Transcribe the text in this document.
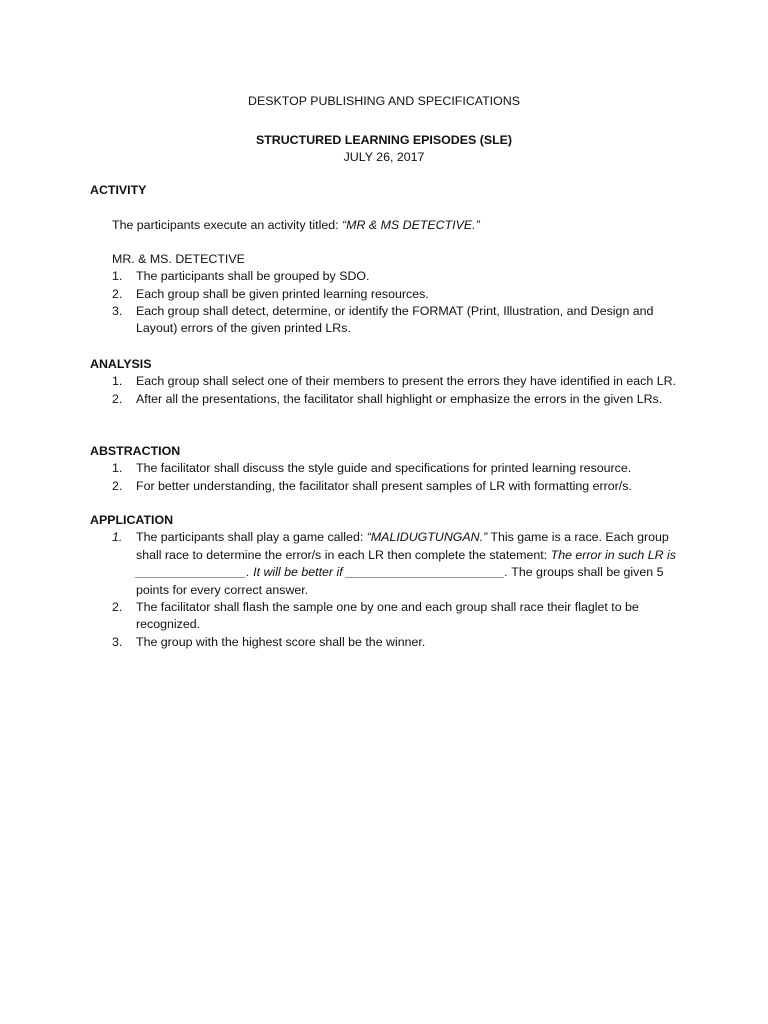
DESKTOP PUBLISHING AND SPECIFICATIONS
STRUCTURED LEARNING EPISODES (SLE)
JULY 26, 2017
ACTIVITY
The participants execute an activity titled: “MR & MS DETECTIVE.”
MR. & MS. DETECTIVE
1. The participants shall be grouped by SDO.
2. Each group shall be given printed learning resources.
3. Each group shall detect, determine, or identify the FORMAT (Print, Illustration, and Design and Layout) errors of the given printed LRs.
ANALYSIS
1. Each group shall select one of their members to present the errors they have identified in each LR.
2. After all the presentations, the facilitator shall highlight or emphasize the errors in the given LRs.
ABSTRACTION
1. The facilitator shall discuss the style guide and specifications for printed learning resource.
2. For better understanding, the facilitator shall present samples of LR with formatting error/s.
APPLICATION
1. The participants shall play a game called: “MALIDUGTUNGAN.” This game is a race. Each group shall race to determine the error/s in each LR then complete the statement: The error in such LR is ________________. It will be better if _______________________. The groups shall be given 5 points for every correct answer.
2. The facilitator shall flash the sample one by one and each group shall race their flaglet to be recognized.
3. The group with the highest score shall be the winner.
